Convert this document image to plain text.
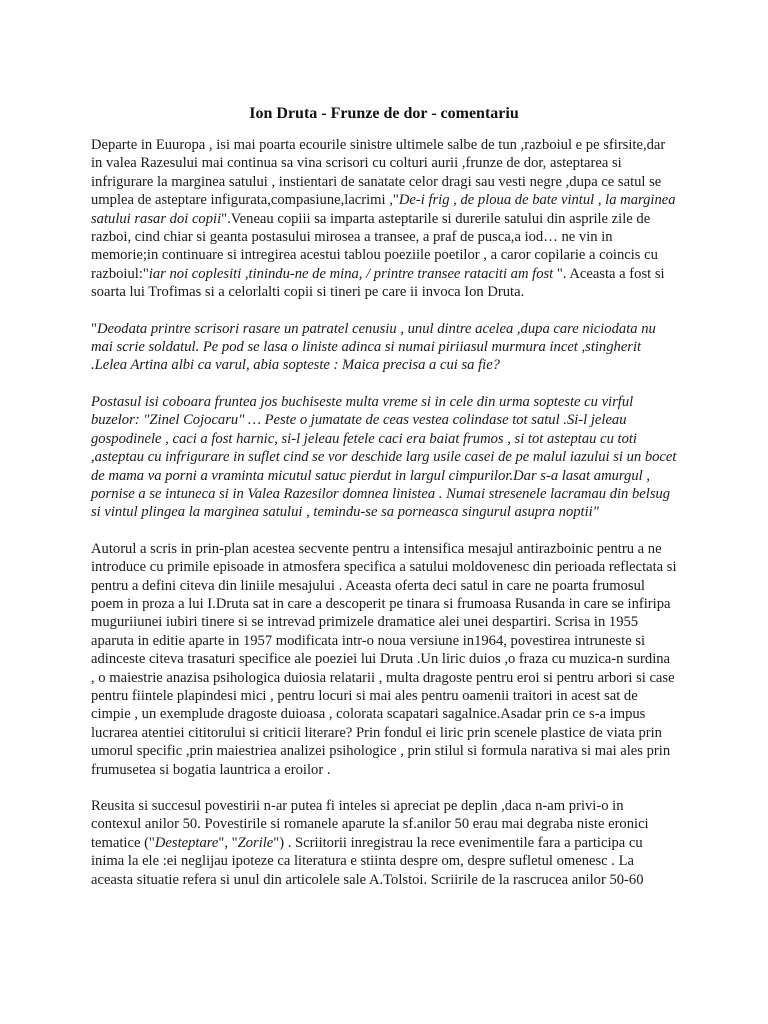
Ion Druta - Frunze de dor - comentariu

Departe in Euuropa , isi mai poarta ecourile sinistre ultimele salbe de tun ,razboiul e pe sfirsite,dar in valea Razesului mai continua sa vina scrisori cu colturi aurii ,frunze de dor, asteptarea si infrigurare la marginea satului , instientari de sanatate celor dragi sau vesti negre ,dupa ce satul se umplea de asteptare infigurata,compasiune,lacrimi ,"De-i frig , de ploua de bate vintul , la marginea satului rasar doi copii".Veneau copiii sa imparta asteptarile si durerile satului din asprile zile de razboi, cind chiar si geanta postasului mirosea a transee, a praf de pusca,a iod… ne vin in memorie;in continuare si intregirea acestui tablou poeziile poetilor , a caror copilarie a coincis cu razboiul:"iar noi coplesiti ,tinindu-ne de mina, / printre transee rataciti am fost ". Aceasta a fost si soarta lui Trofimas si a celorlalti copii si tineri pe care ii invoca Ion Druta.

"Deodata printre scrisori rasare un patratel cenusiu , unul dintre acelea ,dupa care niciodata nu mai scrie soldatul. Pe pod se lasa o liniste adinca si numai piriiasul murmura incet ,stingherit .Lelea Artina albi ca varul, abia sopteste : Maica precisa a cui sa fie?

Postasul isi coboara fruntea jos buchiseste multa vreme si in cele din urma sopteste cu virful buzelor: "Zinel Cojocaru" … Peste o jumatate de ceas vestea colindase tot satul .Si-l jeleau gospodinele , caci a fost harnic, si-l jeleau fetele caci era baiat frumos , si tot asteptau cu toti ,asteptau cu infrigurare in suflet cind se vor deschide larg usile casei de pe malul iazului si un bocet de mama va porni a vraminta micutul satuc pierdut in largul cimpurilor.Dar s-a lasat amurgul , pornise a se intuneca si in Valea Razesilor domnea linistea . Numai stresenele lacramau din belsug si vintul plingea la marginea satului , temindu-se sa porneasca singurul asupra noptii"

Autorul a scris in prin-plan acestea secvente pentru a intensifica mesajul antirazboinic pentru a ne introduce cu primile episoade in atmosfera specifica a satului moldovenesc din perioada reflectata si pentru a defini citeva din liniile mesajului . Aceasta oferta deci satul in care ne poarta frumosul poem in proza a lui I.Druta sat in care a descoperit pe tinara si frumoasa Rusanda in care se infiripa muguriiunei iubiri tinere si se intrevad primizele dramatice alei unei despartiri. Scrisa in 1955 aparuta in editie aparte in 1957 modificata intr-o noua versiune in1964, povestirea intruneste si adinceste citeva trasaturi specifice ale poeziei lui Druta .Un liric duios ,o fraza cu muzica-n surdina , o maiestrie anazisa psihologica duiosia relatarii , multa dragoste pentru eroi si pentru arbori si case pentru fiintele plapindesi mici , pentru locuri si mai ales pentru oamenii traitori in acest sat de cimpie , un exemplude dragoste duioasa , colorata scapatari sagalnice.Asadar prin ce s-a impus lucrarea atentiei cititorului si criticii literare? Prin fondul ei liric prin scenele plastice de viata prin umorul specific ,prin maiestriea analizei psihologice , prin stilul si formula narativa si mai ales prin frumusetea si bogatia launtrica a eroilor .

Reusita si succesul povestirii n-ar putea fi inteles si apreciat pe deplin ,daca n-am privi-o in contexul anilor 50. Povestirile si romanele aparute la sf.anilor 50 erau mai degraba niste eronici tematice ("Desteptare", "Zorile") . Scriitorii inregistrau la rece evenimentile fara a participa cu inima la ele :ei neglijau ipoteze ca literatura e stiinta despre om, despre sufletul omenesc . La aceasta situatie refera si unul din articolele sale A.Tolstoi. Scriirile de la rascrucea anilor 50-60
